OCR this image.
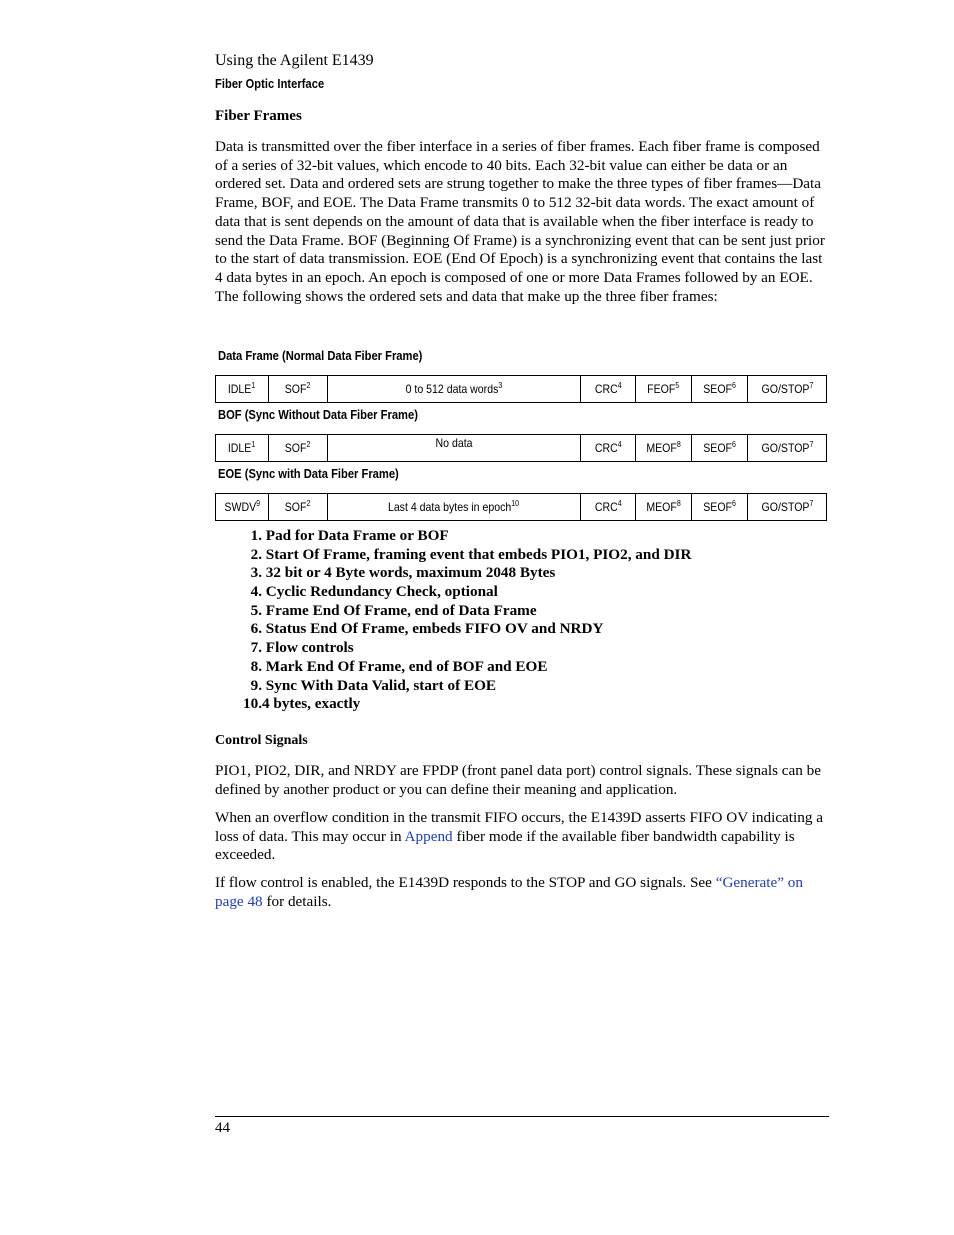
Using the Agilent E1439
Fiber Optic Interface
Fiber Frames
Data is transmitted over the fiber interface in a series of fiber frames. Each fiber frame is composed of a series of 32-bit values, which encode to 40 bits. Each 32-bit value can either be data or an ordered set. Data and ordered sets are strung together to make the three types of fiber frames—Data Frame, BOF, and EOE. The Data Frame transmits 0 to 512 32-bit data words. The exact amount of data that is sent depends on the amount of data that is available when the fiber interface is ready to send the Data Frame. BOF (Beginning Of Frame) is a synchronizing event that can be sent just prior to the start of data transmission. EOE (End Of Epoch) is a synchronizing event that contains the last 4 data bytes in an epoch. An epoch is composed of one or more Data Frames followed by an EOE. The following shows the ordered sets and data that make up the three fiber frames:
Data Frame (Normal Data Fiber Frame)
IDLE$^1$	SOF$^2$	0 to 512 data words$^3$	CRC$^4$	FEOF$^5$	SEOF$^6$	GO/STOP$^7$
BOF (Sync Without Data Fiber Frame)
IDLE$^1$	SOF$^2$	No data	CRC$^4$	MEOF$^8$	SEOF$^6$	GO/STOP$^7$
EOE (Sync with Data Fiber Frame)
SWDV$^9$	SOF$^2$	Last 4 data bytes in epoch$^{10}$	CRC$^4$	MEOF$^8$	SEOF$^6$	GO/STOP$^7$
1. Pad for Data Frame or BOF
2. Start Of Frame, framing event that embeds PIO1, PIO2, and DIR
3. 32 bit or 4 Byte words, maximum 2048 Bytes
4. Cyclic Redundancy Check, optional
5. Frame End Of Frame, end of Data Frame
6. Status End Of Frame, embeds FIFO OV and NRDY
7. Flow controls
8. Mark End Of Frame, end of BOF and EOE
9. Sync With Data Valid, start of EOE
10.4 bytes, exactly
Control Signals
PIO1, PIO2, DIR, and NRDY are FPDP (front panel data port) control signals. These signals can be defined by another product or you can define their meaning and application.
When an overflow condition in the transmit FIFO occurs, the E1439D asserts FIFO OV indicating a loss of data. This may occur in Append fiber mode if the available fiber bandwidth capability is exceeded.
If flow control is enabled, the E1439D responds to the STOP and GO signals. See “Generate” on page 48 for details.
44
